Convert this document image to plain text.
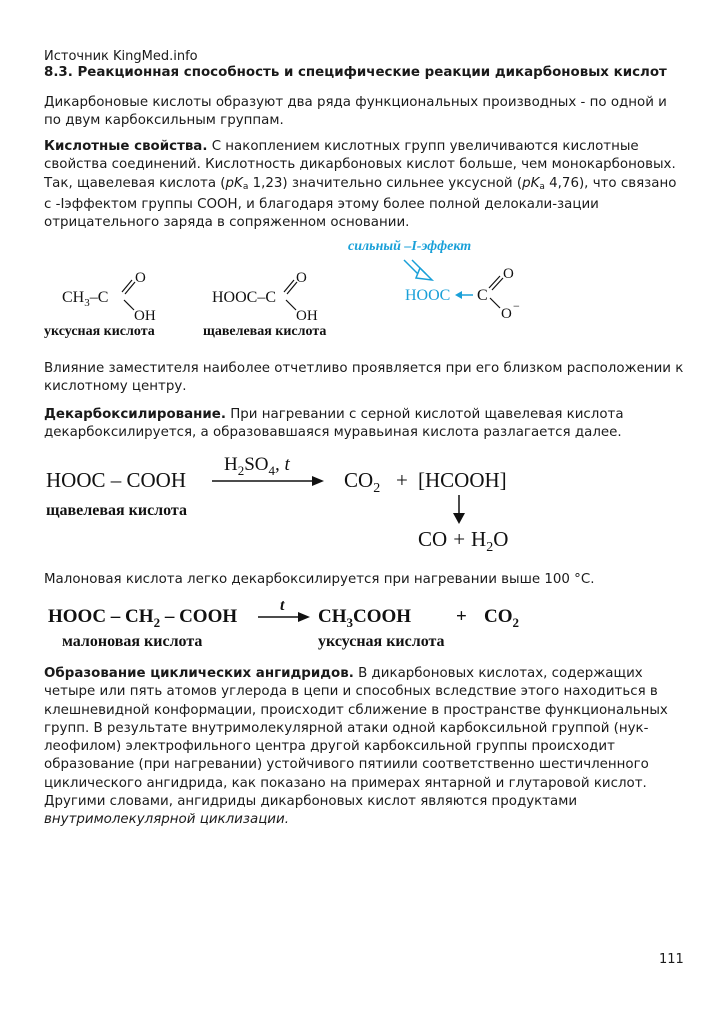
Источник KingMed.info
8.3. Реакционная способность и специфические реакции дикарбоновых кислот
Дикарбоновые кислоты образуют два ряда функциональных производных - по одной и по двум карбоксильным группам.
Кислотные свойства. С накоплением кислотных групп увеличиваются кислотные свойства соединений. Кислотность дикарбоновых кислот больше, чем монокарбоновых. Так, щавелевая кислота ($pK_a$ 1,23) значительно сильнее уксусной ($pK_a$ 4,76), что связано с -Iэффектом группы COOH, и благодаря этому более полной делокали-зации отрицательного заряда в сопряженном основании.
$CH_3-C$
O
OH
уксусная кислота
HOOC–C
O
OH
щавелевая кислота
сильный –I-эффект
HOOC C
O
O −
Влияние заместителя наиболее отчетливо проявляется при его близком расположении к кислотному центру.
Декарбоксилирование. При нагревании с серной кислотой щавелевая кислота декарбоксилируется, а образовавшаяся муравьиная кислота разлагается далее.
HOOC – COOH
$H_2SO_4$, t
$CO_2$ + [HCOOH]
щавелевая кислота
CO + $H_2O$
Малоновая кислота легко декарбоксилируется при нагревании выше 100 °С.
HOOC – $CH_2$ – COOH
t
$CH_3COOH + CO_2$
малоновая кислота	уксусная кислота
Образование циклических ангидридов. В дикарбоновых кислотах, содержащих четыре или пять атомов углерода в цепи и способных вследствие этого находиться в клешневидной конформации, происходит сближение в пространстве функциональных групп. В результате внутримолекулярной атаки одной карбоксильной группой (нук-леофилом) электрофильного центра другой карбоксильной группы происходит образование (при нагревании) устойчивого пятиили соответственно шестичленного циклического ангидрида, как показано на примерах янтарной и глутаровой кислот. Другими словами, ангидриды дикарбоновых кислот являются продуктами внутримолекулярной циклизации.
111
